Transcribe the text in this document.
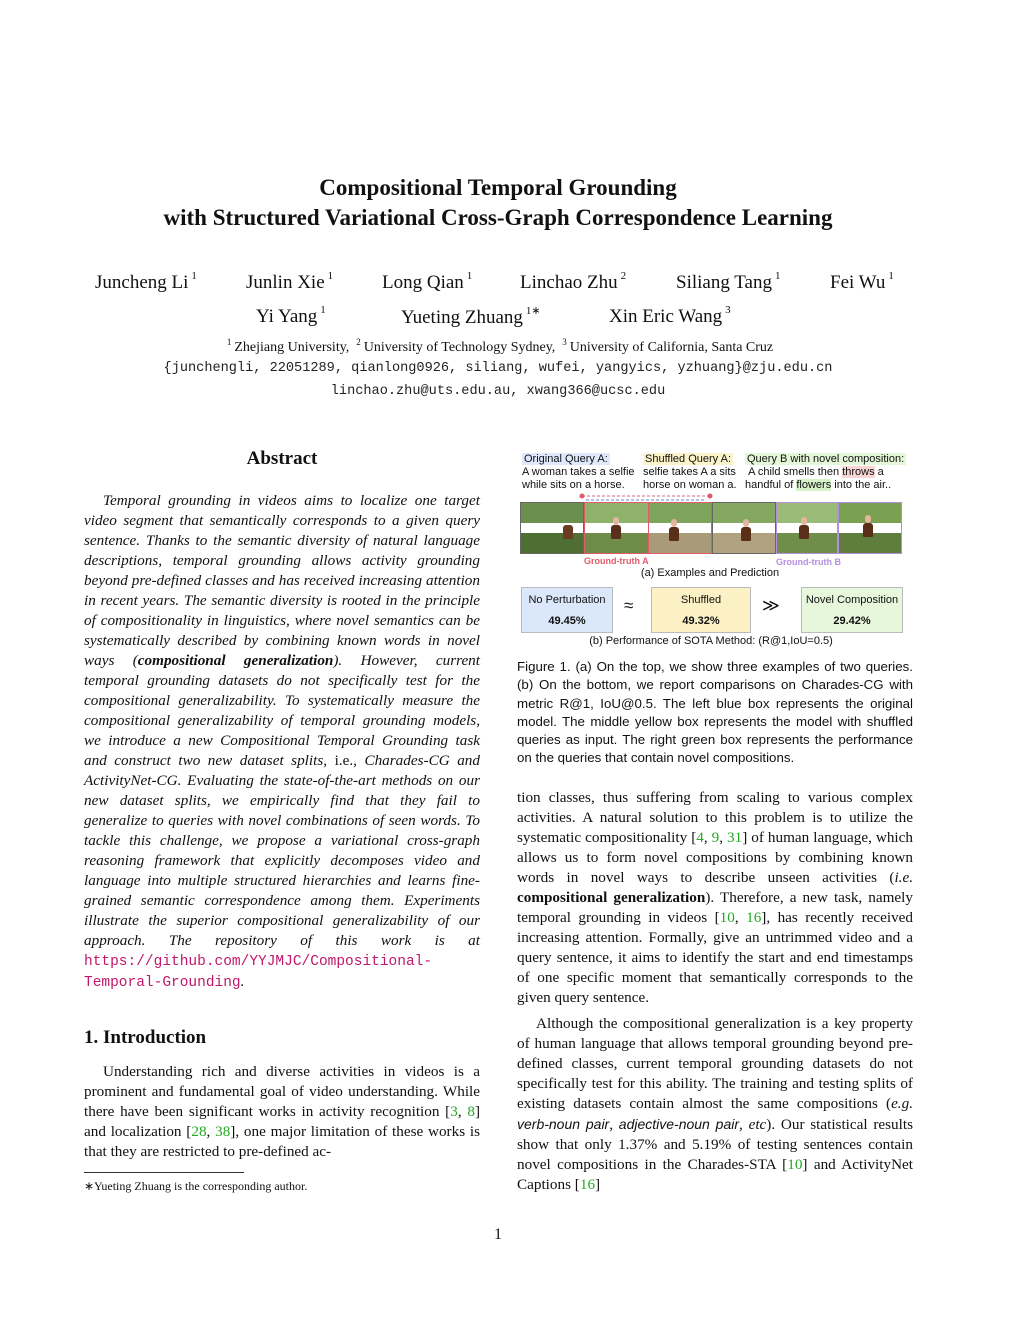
Compositional Temporal Grounding
with Structured Variational Cross-Graph Correspondence Learning
Juncheng Li $^1$	Junlin Xie $^1$	Long Qian $^1$	Linchao Zhu $^2$	Siliang Tang $^1$	Fei Wu $^1$
Yi Yang $^1$	Yueting Zhuang $^{1∗}$	Xin Eric Wang $^3$
$^1$ Zhejiang University, $^2$ University of Technology Sydney, $^3$ University of California, Santa Cruz
{junchengli, 22051289, qianlong0926, siliang, wufei, yangyics, yzhuang}@zju.edu.cn
linchao.zhu@uts.edu.au, xwang366@ucsc.edu
Abstract
Temporal grounding in videos aims to localize one target video segment that semantically corresponds to a given query sentence. Thanks to the semantic diversity of natural language descriptions, temporal grounding allows activity grounding beyond pre-defined classes and has received increasing attention in recent years. The semantic diversity is rooted in the principle of compositionality in linguistics, where novel semantics can be systematically described by combining known words in novel ways (compositional generalization). However, current temporal grounding datasets do not specifically test for the compositional generalizability. To systematically measure the compositional generalizability of temporal grounding models, we introduce a new Compositional Temporal Grounding task and construct two new dataset splits, i.e., Charades-CG and ActivityNet-CG. Evaluating the state-of-the-art methods on our new dataset splits, we empirically find that they fail to generalize to queries with novel combinations of seen words. To tackle this challenge, we propose a variational cross-graph reasoning framework that explicitly decomposes video and language into multiple structured hierarchies and learns fine-grained semantic correspondence among them. Experiments illustrate the superior compositional generalizability of our approach. The repository of this work is at https://github.com/YYJMJC/Compositional-Temporal-Grounding.
1. Introduction
Understanding rich and diverse activities in videos is a prominent and fundamental goal of video understanding. While there have been significant works in activity recognition [3, 8] and localization [28, 38], one major limitation of these works is that they are restricted to pre-defined ac-
∗Yueting Zhuang is the corresponding author.
Original Query A:
A woman takes a selfie
while sits on a horse.
Shuffled Query A:
selfie takes A a sits
horse on woman a.
Query B with novel composition:
A child smells then throws a
handful of flowers into the air..
Ground-truth A	Ground-truth B
(a) Examples and Prediction
No Perturbation
49.45%
≈	Shuffled
49.32%
≫	Novel Composition
29.42%
(b) Performance of SOTA Method: (R@1,IoU=0.5)
Figure 1. (a) On the top, we show three examples of two queries. (b) On the bottom, we report comparisons on Charades-CG with metric R@1, IoU@0.5. The left blue box represents the original model. The middle yellow box represents the model with shuffled queries as input. The right green box represents the performance on the queries that contain novel compositions.
tion classes, thus suffering from scaling to various complex activities. A natural solution to this problem is to utilize the systematic compositionality [4, 9, 31] of human language, which allows us to form novel compositions by combining known words in novel ways to describe unseen activities (i.e. compositional generalization). Therefore, a new task, namely temporal grounding in videos [10, 16], has recently received increasing attention. Formally, give an untrimmed video and a query sentence, it aims to identify the start and end timestamps of one specific moment that semantically corresponds to the given query sentence.
Although the compositional generalization is a key property of human language that allows temporal grounding beyond pre-defined classes, current temporal grounding datasets do not specifically test for this ability. The training and testing splits of existing datasets contain almost the same compositions (e.g. verb-noun pair, adjective-noun pair, etc). Our statistical results show that only 1.37% and 5.19% of testing sentences contain novel compositions in the Charades-STA [10] and ActivityNet Captions [16]
1
